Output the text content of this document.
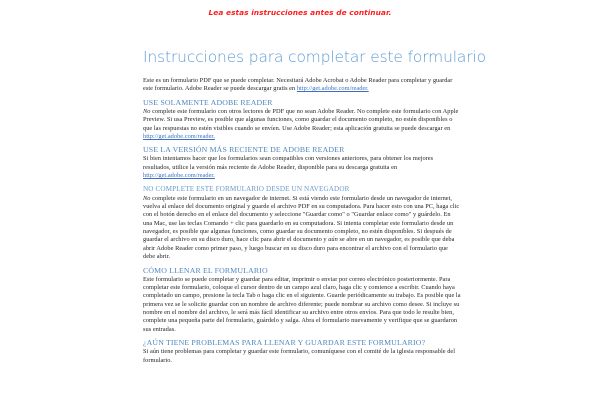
Lea estas instrucciones antes de continuar.
Instrucciones para completar este formulario

Este es un formulario PDF que se puede completar. Necesitará Adobe Acrobat o Adobe Reader para completar y guardar este formulario. Adobe Reader se puede descargar gratis en http://get.adobe.com/reader.

USE SOLAMENTE ADOBE READER

No complete este formulario con otros lectores de PDF que no sean Adobe Reader. No complete este formulario con Apple Preview. Si usa Preview, es posible que algunas funciones, como guardar el documento completo, no estén disponibles o que las respuestas no estén visibles cuando se envíen. Use Adobe Reader; esta aplicación gratuita se puede descargar en http://get.adobe.com/reader.

USE LA VERSIÓN MÁS RECIENTE DE ADOBE READER

Si bien intentamos hacer que los formularios sean compatibles con versiones anteriores, para obtener los mejores resultados, utilice la versión más reciente de Adobe Reader, disponible para su descarga gratuita en http://get.adobe.com/reader.

NO COMPLETE ESTE FORMULARIO DESDE UN NAVEGADOR

No complete este formulario en un navegador de internet. Si está viendo este formulario desde un navegador de internet, vuelva al enlace del documento original y guarde el archivo PDF en su computadora. Para hacer esto con una PC, haga clic con el botón derecho en el enlace del documento y seleccione "Guardar como" o "Guardar enlace como" y guárdelo. En una Mac, use las teclas Comando + clic para guardarlo en su computadora. Si intenta completar este formulario desde un navegador, es posible que algunas funciones, como guardar su documento completo, no estén disponibles. Si después de guardar el archivo en su disco duro, hace clic para abrir el documento y aún se abre en un navegador, es posible que deba abrir Adobe Reader como primer paso, y luego buscar en su disco duro para encontrar el archivo con el formulario que debe abrir.

CÓMO LLENAR EL FORMULARIO

Este formulario se puede completar y guardar para editar, imprimir o enviar por correo electrónico posteriormente. Para completar este formulario, coloque el cursor dentro de un campo azul claro, haga clic y comience a escribir. Cuando haya completado un campo, presione la tecla Tab o haga clic en el siguiente. Guarde periódicamente su trabajo. Es posible que la primera vez se le solicite guardar con un nombre de archivo diferente; puede nombrar su archivo como desee. Si incluye su nombre en el nombre del archivo, le será más fácil identificar su archivo entre otros envíos. Para que todo le resulte bien, complete una pequeña parte del formulario, guárdelo y salga. Abra el formulario nuevamente y verifique que se guardaron sus entradas.

¿AÚN TIENE PROBLEMAS PARA LLENAR Y GUARDAR ESTE FORMULARIO?

Si aún tiene problemas para completar y guardar este formulario, comuníquese con el comité de la iglesia responsable del formulario.
